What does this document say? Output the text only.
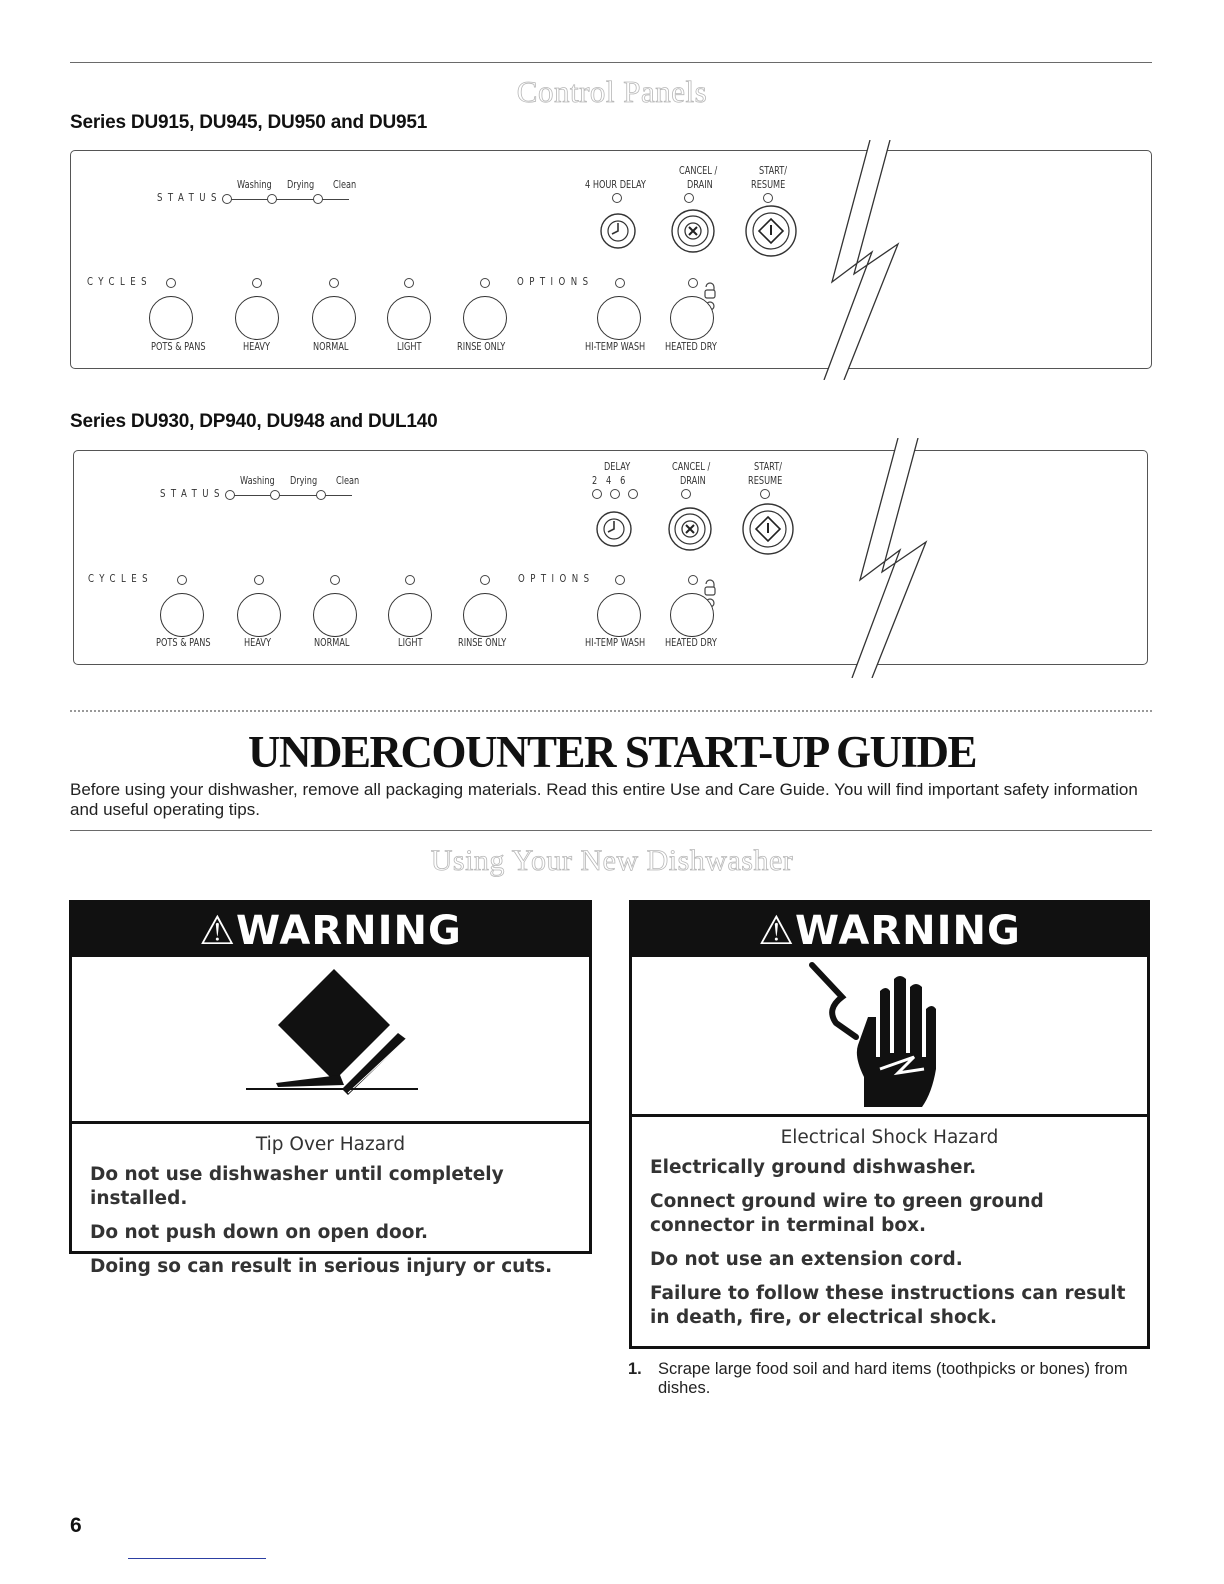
Control Panels
Series DU915, DU945, DU950 and DU951
STATUS
Washing Drying Clean	4 HOUR DELAY
CANCEL /
DRAIN
START/
RESUME
CYCLES	OPTIONS
POTS & PANS	HEAVY	NORMAL	LIGHT	RINSE ONLY	HI-TEMP WASH HEATED DRY
Series DU930, DP940, DU948 and DUL140
STATUS
Washing Drying Clean
DELAY
2 4 6
CANCEL /
DRAIN
START/
RESUME
CYCLES	OPTIONS
POTS & PANS	HEAVY	NORMAL	LIGHT	RINSE ONLY	HI-TEMP WASH HEATED DRY
UNDERCOUNTER START-UP GUIDE
Before using your dishwasher, remove all packaging materials. Read this entire Use and Care Guide. You will find important safety information and useful operating tips.
Using Your New Dishwasher
⚠WARNING
Tip Over Hazard

Do not use dishwasher until completely installed.

Do not push down on open door.

Doing so can result in serious injury or cuts.

⚠WARNING
Electrical Shock Hazard

Electrically ground dishwasher.

Connect ground wire to green ground connector in terminal box.

Do not use an extension cord.

Failure to follow these instructions can result in death, fire, or electrical shock.

1. Scrape large food soil and hard items (toothpicks or bones) from dishes.
6
